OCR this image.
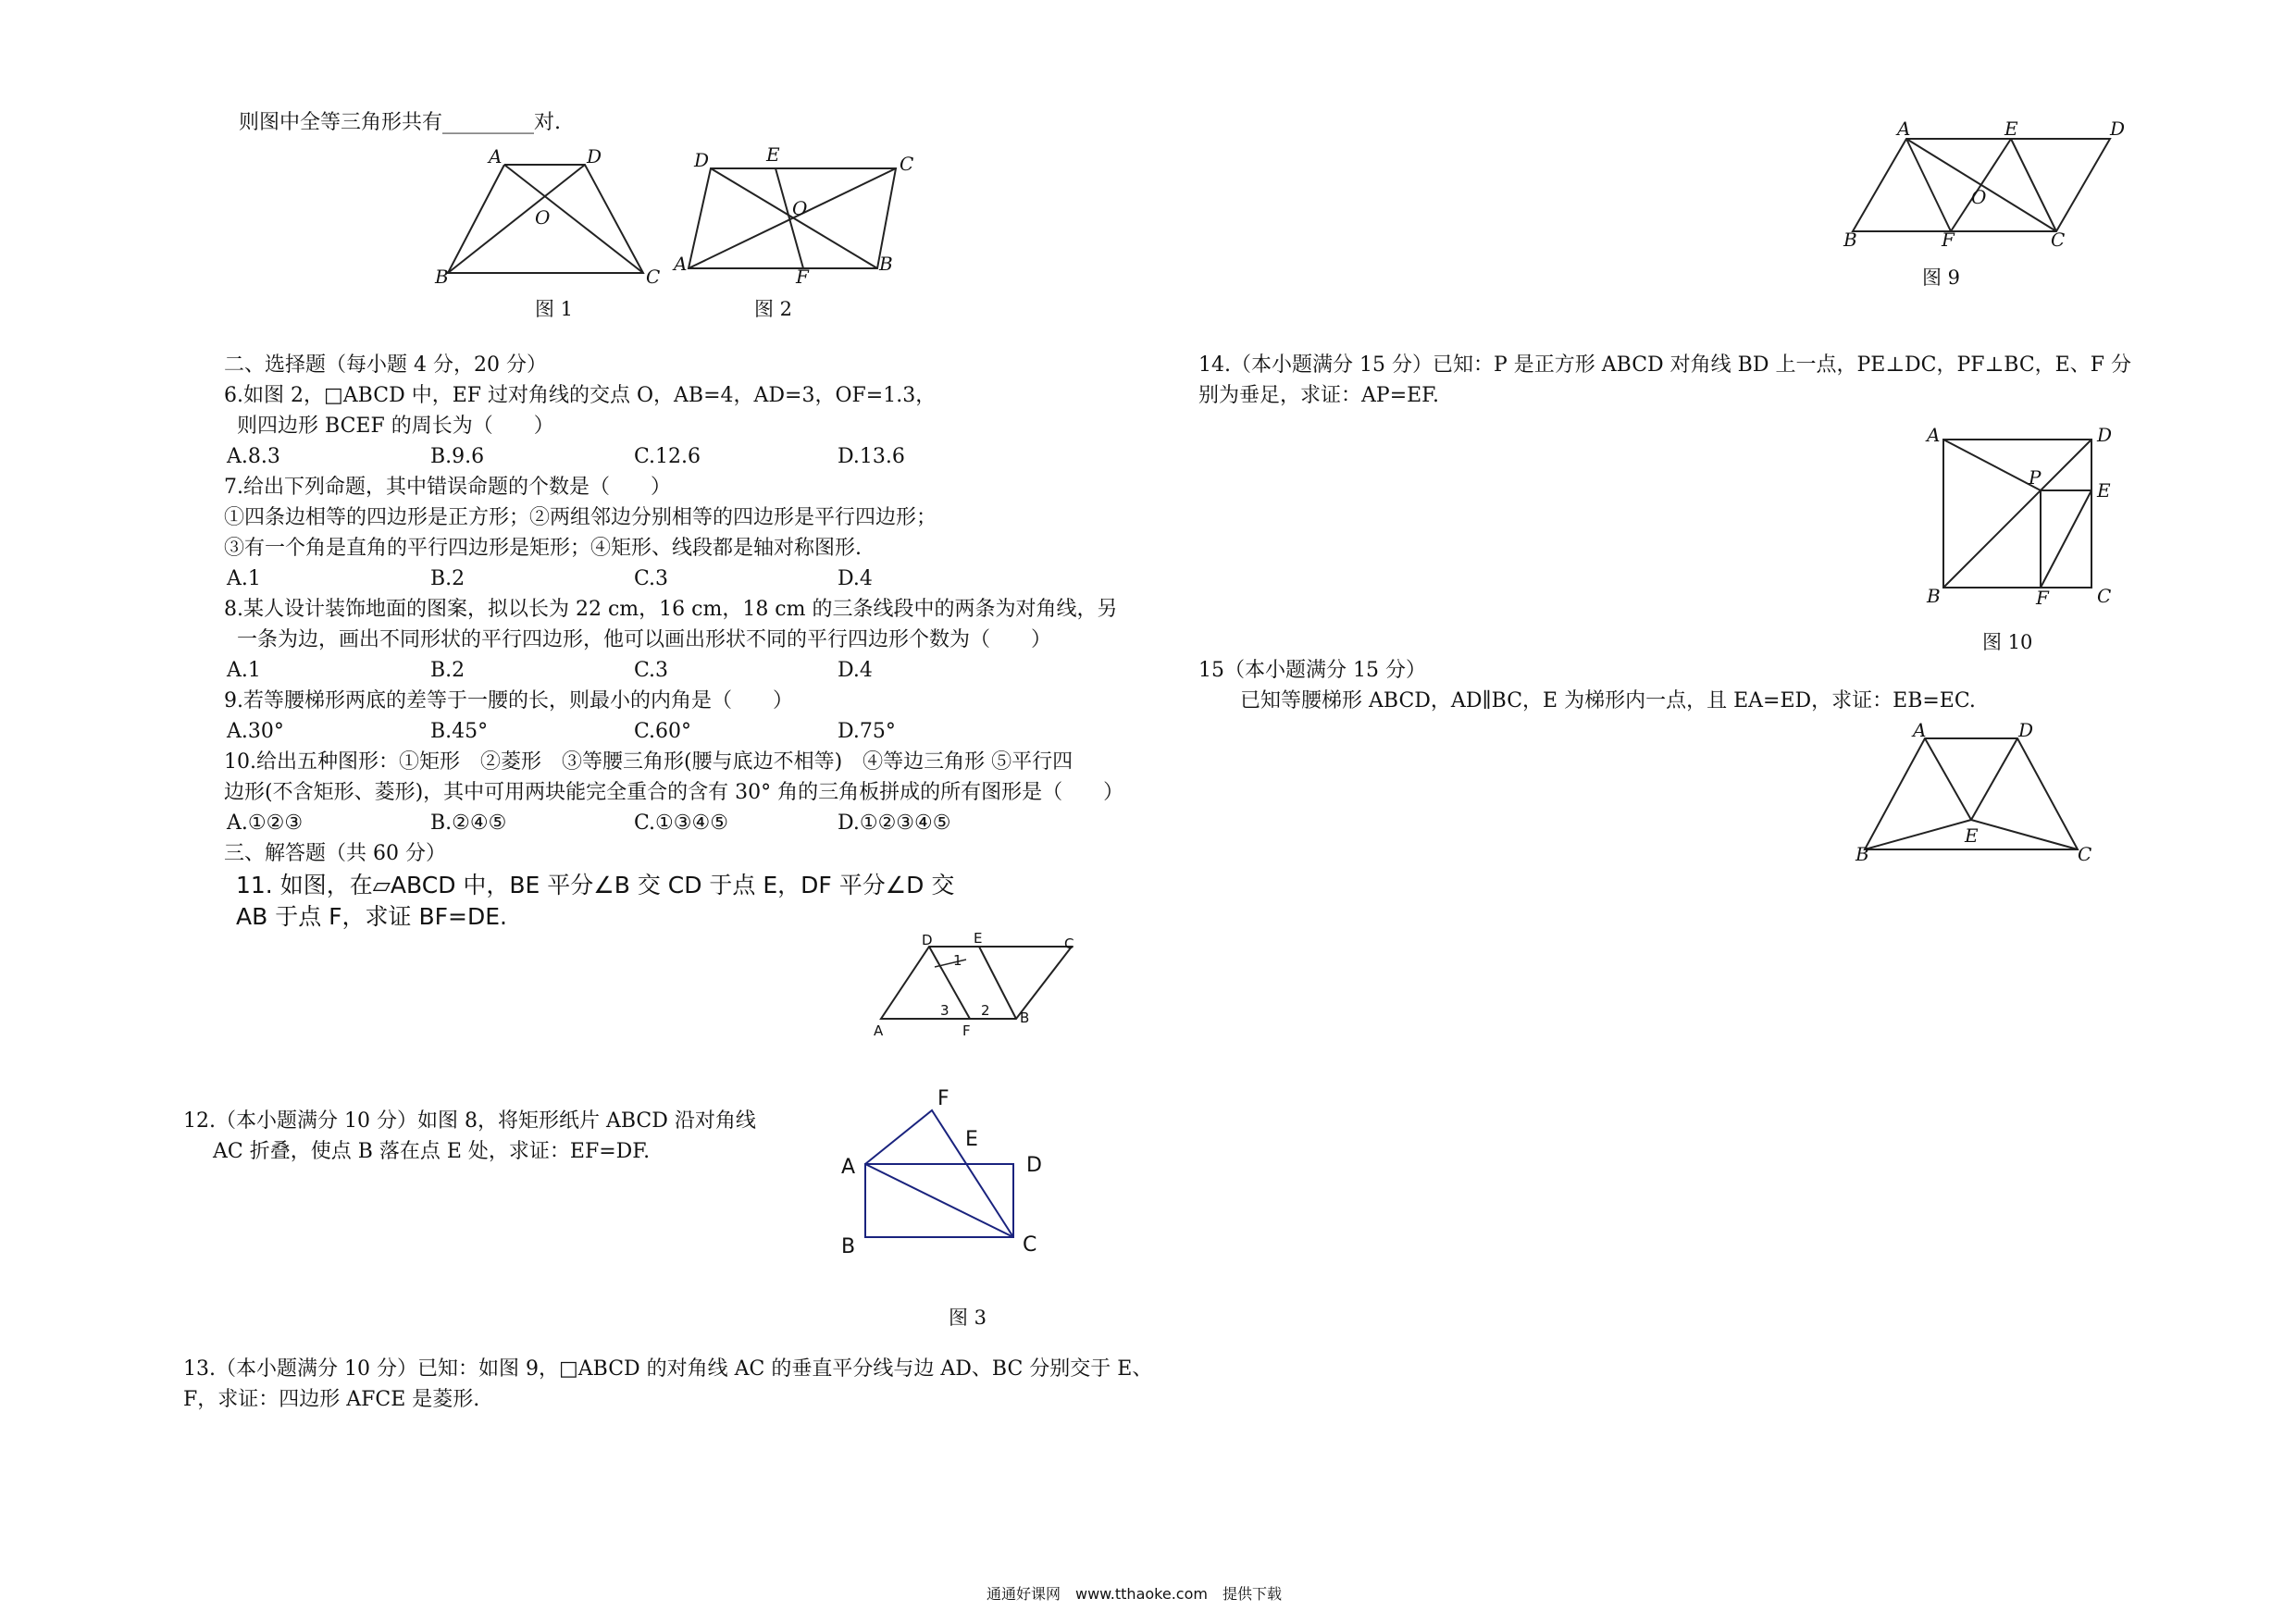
则图中全等三角形共有_________对.
A	D
O
B	C
图 1
D	E	C
O
A
F
B
图 2
二、选择题（每小题 4 分，20 分）
6.如图 2，□ABCD 中，EF 过对角线的交点 O，AB=4，AD=3，OF=1.3，
则四边形 BCEF 的周长为（　　）
A.8.3	B.9.6	C.12.6	D.13.6
7.给出下列命题，其中错误命题的个数是（　　）
①四条边相等的四边形是正方形；②两组邻边分别相等的四边形是平行四边形；
③有一个角是直角的平行四边形是矩形；④矩形、线段都是轴对称图形.
A.1	B.2	C.3	D.4
8.某人设计装饰地面的图案，拟以长为 22 cm，16 cm，18 cm 的三条线段中的两条为对角线，另
一条为边，画出不同形状的平行四边形，他可以画出形状不同的平行四边形个数为（　　）
A.1	B.2	C.3	D.4
9.若等腰梯形两底的差等于一腰的长，则最小的内角是（　　）
A.30°	B.45°	C.60°	D.75°
10.给出五种图形：①矩形　②菱形　③等腰三角形(腰与底边不相等)　④等边三角形 ⑤平行四
边形(不含矩形、菱形)，其中可用两块能完全重合的含有 30° 角的三角板拼成的所有图形是（　　）
A.①②③	B.②④⑤	C.①③④⑤	D.①②③④⑤
三、解答题（共 60 分）
11. 如图，在▱ABCD 中，BE 平分∠B 交 CD 于点 E，DF 平分∠D 交
AB 于点 F，求证 BF=DE.
D	E	C
1
3 2
A	F
B
12.（本小题满分 10 分）如图 8，将矩形纸片 ABCD 沿对角线
AC 折叠，使点 B 落在点 E 处，求证：EF=DF.
F
E
A	D
B	C
图 3
13.（本小题满分 10 分）已知：如图 9，□ABCD 的对角线 AC 的垂直平分线与边 AD、BC 分别交于 E、
F，求证：四边形 AFCE 是菱形.
A	E	D
O
B	F	C
图 9
14.（本小题满分 15 分）已知：P 是正方形 ABCD 对角线 BD 上一点，PE⊥DC，PF⊥BC，E、F 分
别为垂足，求证：AP=EF.
A	D
P
E
B	F	C
图 10
15（本小题满分 15 分）
已知等腰梯形 ABCD，AD∥BC，E 为梯形内一点，且 EA=ED，求证：EB=EC.
A	D
E
B	C
通通好课网　www.tthaoke.com　提供下载
